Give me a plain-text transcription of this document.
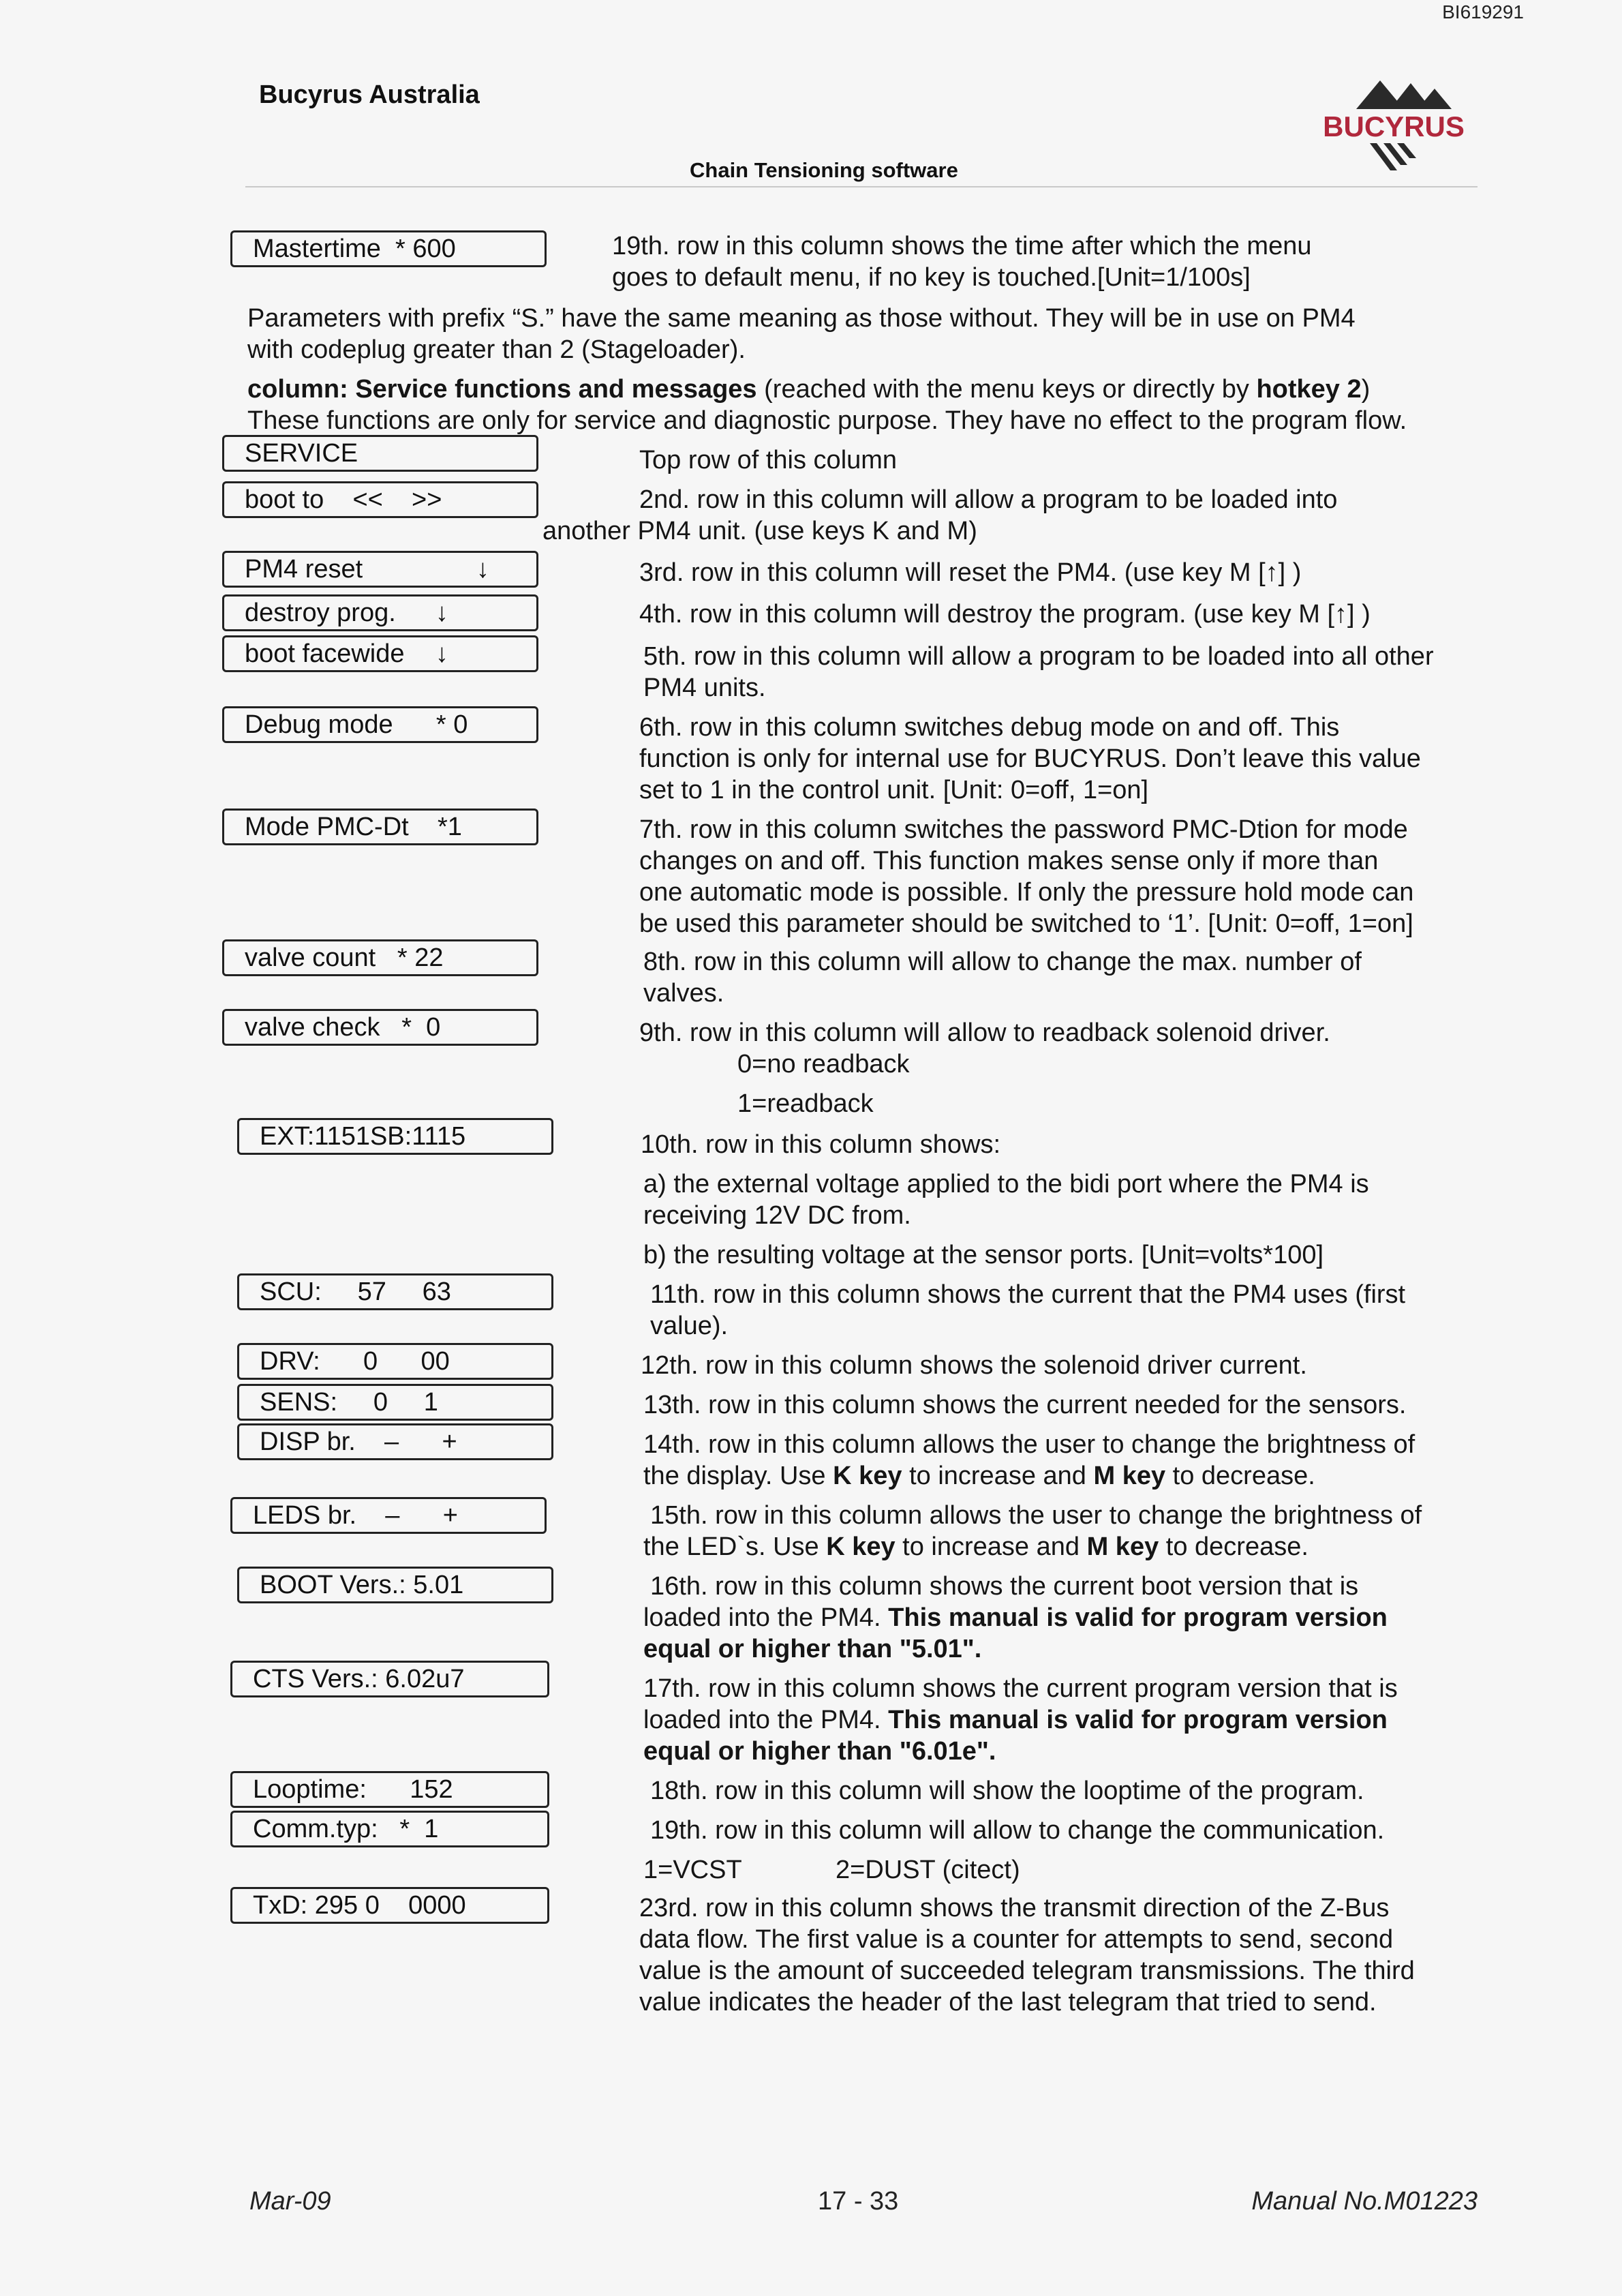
BI619291
Bucyrus Australia
Chain Tensioning software
BUCYRUS
Mastertime  * 600	19th. row in this column shows the time after which the menu
goes to default menu, if no key is touched.[Unit=1/100s]
Parameters with prefix “S.” have the same meaning as those without. They will be in use on PM4
with codeplug greater than 2 (Stageloader).
column: Service functions and messages (reached with the menu keys or directly by hotkey 2)
These functions are only for service and diagnostic purpose. They have no effect to the program flow.
SERVICE	Top row of this column
boot to    <<    >>	2nd. row in this column will allow a program to be loaded into
another PM4 unit. (use keys K and M)
PM4 reset	↓	3rd. row in this column will reset the PM4. (use key M [↑] )
destroy prog. ↓	4th. row in this column will destroy the program. (use key M [↑] )
boot facewide ↓	5th. row in this column will allow a program to be loaded into all other
PM4 units.
Debug mode      * 0	6th. row in this column switches debug mode on and off. This
function is only for internal use for BUCYRUS. Don’t leave this value
set to 1 in the control unit. [Unit: 0=off, 1=on]
Mode PMC-Dt    *1	7th. row in this column switches the password PMC-Dtion for mode
changes on and off. This function makes sense only if more than
one automatic mode is possible. If only the pressure hold mode can
be used this parameter should be switched to ‘1’. [Unit: 0=off, 1=on]
valve count   * 22	8th. row in this column will allow to change the max. number of
valves.
valve check   *  0	9th. row in this column will allow to readback solenoid driver.
0=no readback
1=readback
EXT:1151SB:1115	10th. row in this column shows:
a) the external voltage applied to the bidi port where the PM4 is
receiving 12V DC from.
b) the resulting voltage at the sensor ports. [Unit=volts*100]
SCU:     57     63	11th. row in this column shows the current that the PM4 uses (first
value).
DRV:      0      00	12th. row in this column shows the solenoid driver current.
SENS:     0     1	13th. row in this column shows the current needed for the sensors.
DISP br.    –      +	14th. row in this column allows the user to change the brightness of
the display. Use K key to increase and M key to decrease.
LEDS br.    –      +	15th. row in this column allows the user to change the brightness of
the LED`s. Use K key to increase and M key to decrease.
BOOT Vers.: 5.01	16th. row in this column shows the current boot version that is
loaded into the PM4. This manual is valid for program version
equal or higher than "5.01".
CTS Vers.: 6.02u7	17th. row in this column shows the current program version that is
loaded into the PM4. This manual is valid for program version
equal or higher than "6.01e".
Looptime:      152	18th. row in this column will show the looptime of the program.
Comm.typ:   *  1	19th. row in this column will allow to change the communication.
1=VCST	2=DUST (citect)
TxD: 295 0    0000	23rd. row in this column shows the transmit direction of the Z-Bus
data flow. The first value is a counter for attempts to send, second
value is the amount of succeeded telegram transmissions. The third
value indicates the header of the last telegram that tried to send.
Mar-09	17 - 33	Manual No.M01223
